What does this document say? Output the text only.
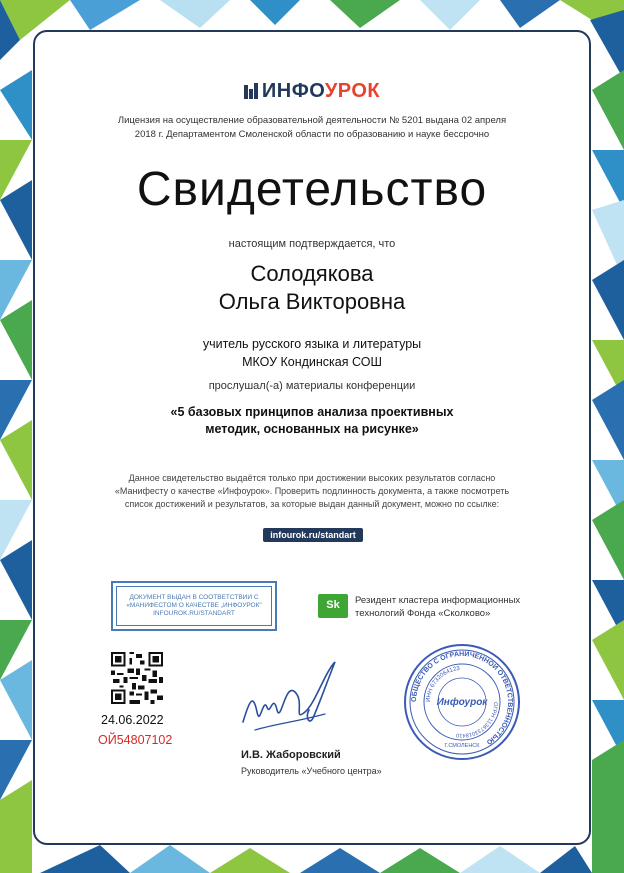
ИНФОУРОК
Лицензия на осуществление образовательной деятельности № 5201 выдана 02 апреля
2018 г. Департаментом Смоленской области по образованию и науке бессрочно
Свидетельство
настоящим подтверждается, что
Солодякова
Ольга Викторовна
учитель русского языка и литературы
МКОУ Кондинская СОШ
прослушал(-а) материалы конференции
«5 базовых принципов анализа проективных
методик, основанных на рисунке»
Данное свидетельство выдаётся только при достижении высоких результатов согласно
«Манифесту о качестве «Инфоурок». Проверить подлинность документа, а также посмотреть
список достижений и результатов, за которые выдан данный документ, можно по ссылке:
infourok.ru/standart
ДОКУМЕНТ ВЫДАН В СООТВЕТСТВИИ С
«МАНИФЕСТОМ О КАЧЕСТВЕ „ИНФОУРОК"
INFOUROK.RU/STANDART
Sk	Резидент кластера информационных
технологий Фонда «Сколково»
24.06.2022
ОЙ54807102
И.В. Жаборовский
Руководитель «Учебного центра»
ОБЩЕСТВО С ОГРАНИЧЕННОЙ ОТВЕТСТВЕННОСТЬЮ
ИНН 6732064123
ОГРН 1136733018410
Инфоурок
Г.СМОЛЕНСК
